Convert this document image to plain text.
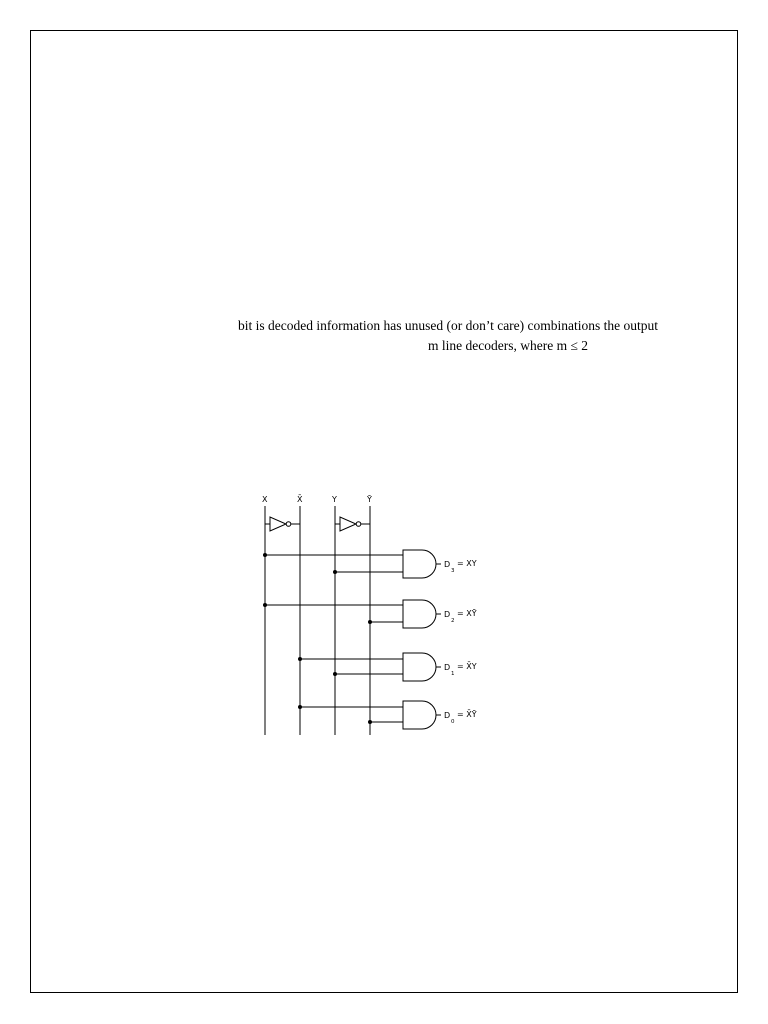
bit is decoded information has unused (or don’t care) combinations the output
m line decoders, where m ≤ 2
X	X̄	Y	Ȳ
D
3
= XY
D
2
= XȲ
D
1
= X̄Y
D
0
= X̄Ȳ
